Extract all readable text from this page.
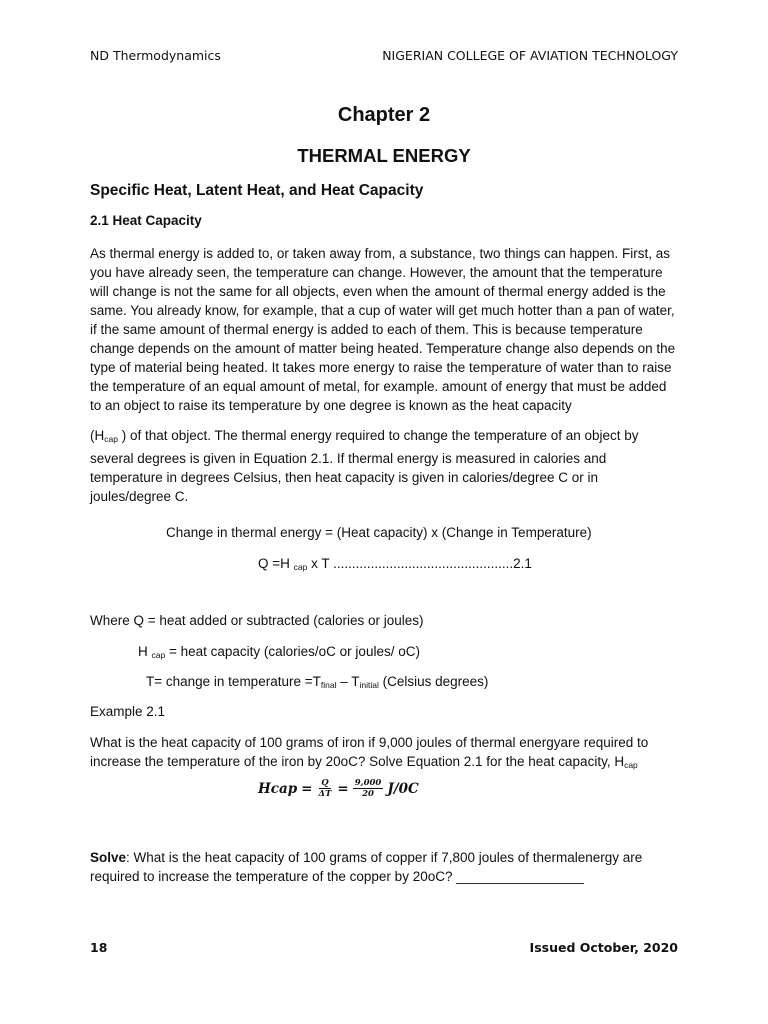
ND Thermodynamics	NIGERIAN COLLEGE OF AVIATION TECHNOLOGY
Chapter 2
THERMAL ENERGY
Specific Heat, Latent Heat, and Heat Capacity
2.1 Heat Capacity
As thermal energy is added to, or taken away from, a substance, two things can happen. First, as you have already seen, the temperature can change. However, the amount that the temperature will change is not the same for all objects, even when the amount of thermal energy added is the same. You already know, for example, that a cup of water will get much hotter than a pan of water, if the same amount of thermal energy is added to each of them. This is because temperature change depends on the amount of matter being heated. Temperature change also depends on the type of material being heated. It takes more energy to raise the temperature of water than to raise the temperature of an equal amount of metal, for example. amount of energy that must be added to an object to raise its temperature by one degree is known as the heat capacity
($H_{cap}$ ) of that object. The thermal energy required to change the temperature of an object by several degrees is given in Equation 2.1. If thermal energy is measured in calories and temperature in degrees Celsius, then heat capacity is given in calories/degree C or in joules/degree C.
Change in thermal energy = (Heat capacity) x (Change in Temperature)
Q =H $_{cap}$ x T ................................................2.1
Where Q = heat added or subtracted (calories or joules)
H $_{cap}$ = heat capacity (calories/oC or joules/ oC)
T= change in temperature $=T_{final} - T_{initial}$ (Celsius degrees)
Example 2.1
What is the heat capacity of 100 grams of iron if 9,000 joules of thermal energyare required to increase the temperature of the iron by 20oC? Solve Equation 2.1 for the heat capacity, $H_{cap}$
Hcap = $\frac{Q}{\Delta T} = \frac{9,000}{20} J/0C$
Solve: What is the heat capacity of 100 grams of copper if 7,800 joules of thermalenergy are required to increase the temperature of the copper by 20oC? _________________
18	Issued October, 2020
